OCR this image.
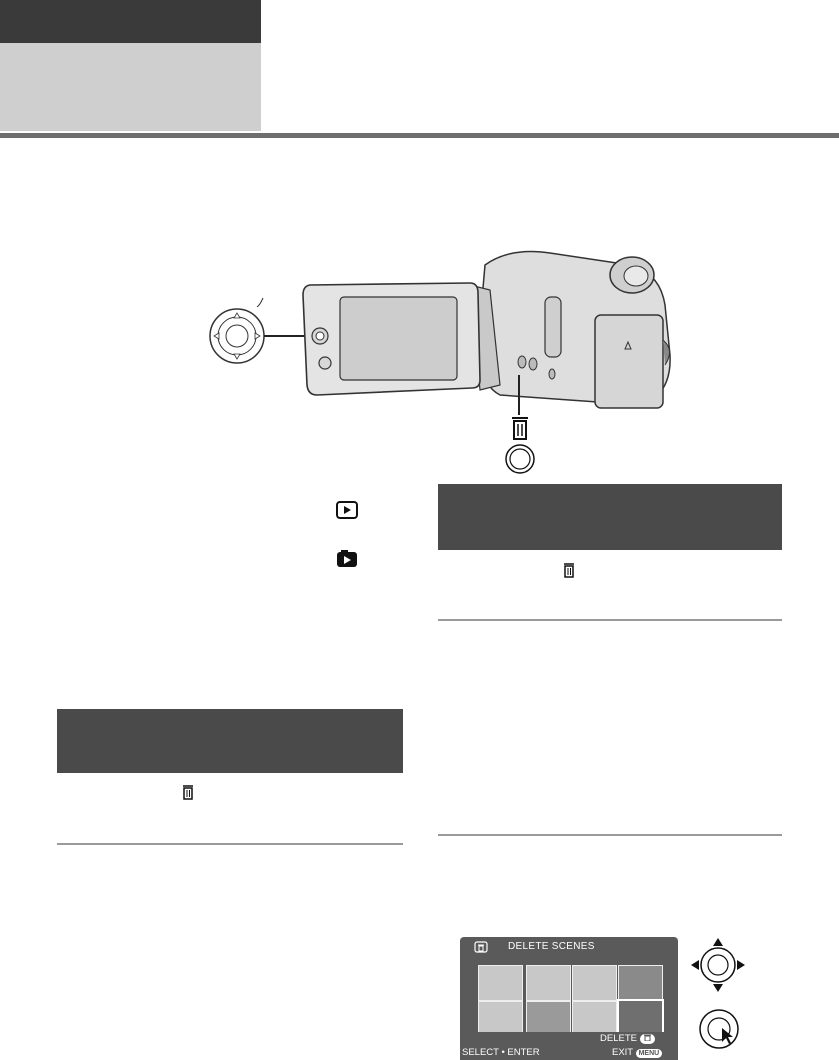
DELETE SCENES
DELETE
SELECT • ENTER	EXIT MENU
